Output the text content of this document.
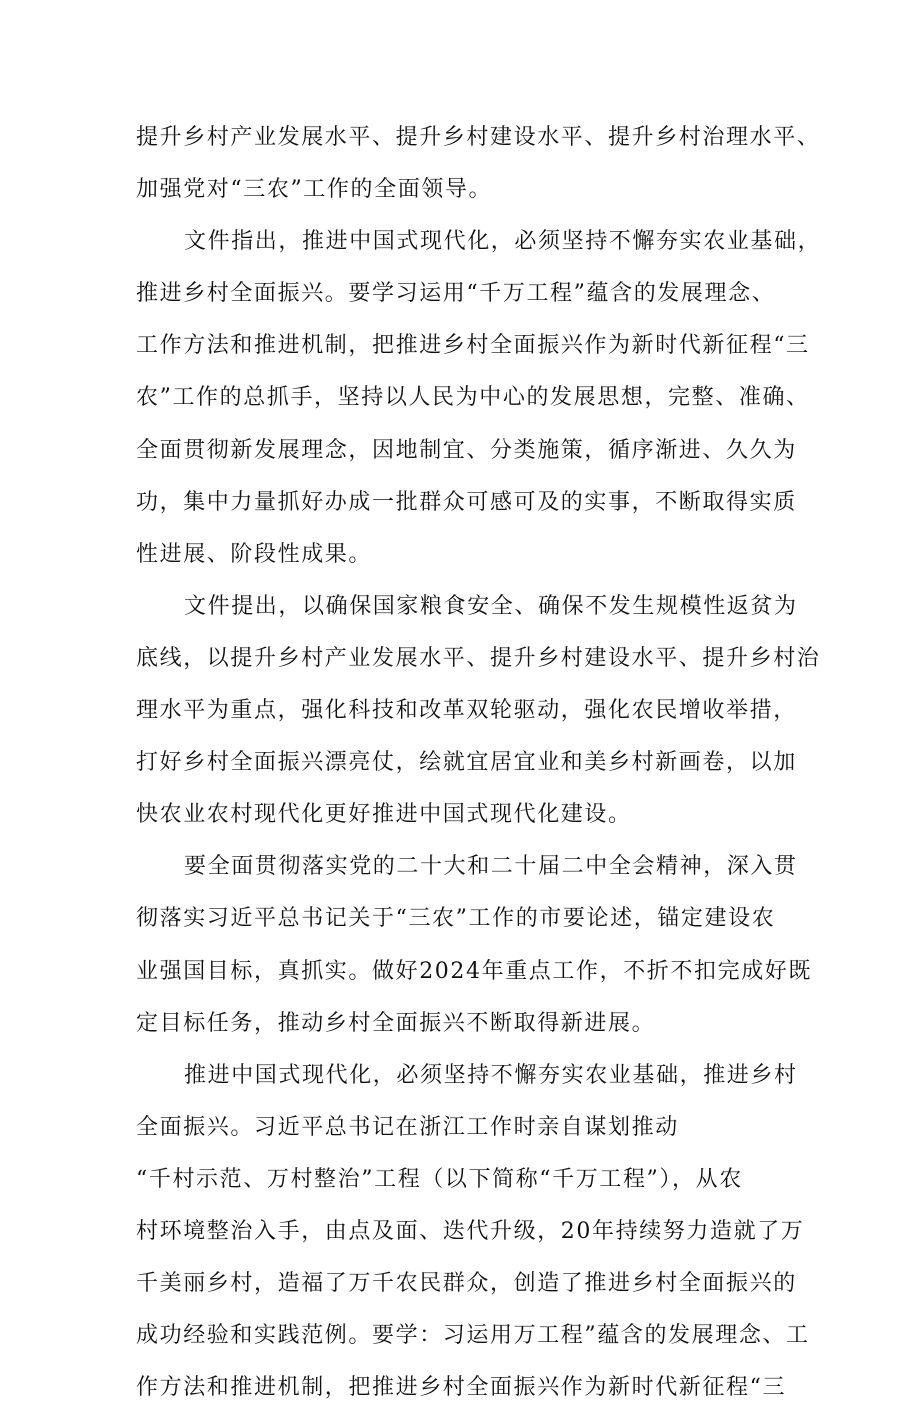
提升乡村产业发展水平、提升乡村建设水平、提升乡村治理水平、
加强党对“三农”工作的全面领导。
文件指出，推进中国式现代化，必须坚持不懈夯实农业基础，
推进乡村全面振兴。要学习运用“千万工程”蕴含的发展理念、
工作方法和推进机制，把推进乡村全面振兴作为新时代新征程“三
农”工作的总抓手，坚持以人民为中心的发展思想，完整、准确、
全面贯彻新发展理念，因地制宜、分类施策，循序渐进、久久为
功，集中力量抓好办成一批群众可感可及的实事，不断取得实质
性进展、阶段性成果。
文件提出，以确保国家粮食安全、确保不发生规模性返贫为
底线，以提升乡村产业发展水平、提升乡村建设水平、提升乡村治
理水平为重点，强化科技和改革双轮驱动，强化农民增收举措，
打好乡村全面振兴漂亮仗，绘就宜居宜业和美乡村新画卷，以加
快农业农村现代化更好推进中国式现代化建设。
要全面贯彻落实党的二十大和二十届二中全会精神，深入贯
彻落实习近平总书记关于“三农”工作的市要论述，锚定建设农
业强国目标，真抓实。做好2024年重点工作，不折不扣完成好既
定目标任务，推动乡村全面振兴不断取得新进展。
推进中国式现代化，必须坚持不懈夯实农业基础，推进乡村
全面振兴。习近平总书记在浙江工作时亲自谋划推动
“千村示范、万村整治”工程（以下简称“千万工程”），从农
村环境整治入手，由点及面、迭代升级，20年持续努力造就了万
千美丽乡村，造福了万千农民群众，创造了推进乡村全面振兴的
成功经验和实践范例。要学：习运用万工程”蕴含的发展理念、工
作方法和推进机制，把推进乡村全面振兴作为新时代新征程“三
